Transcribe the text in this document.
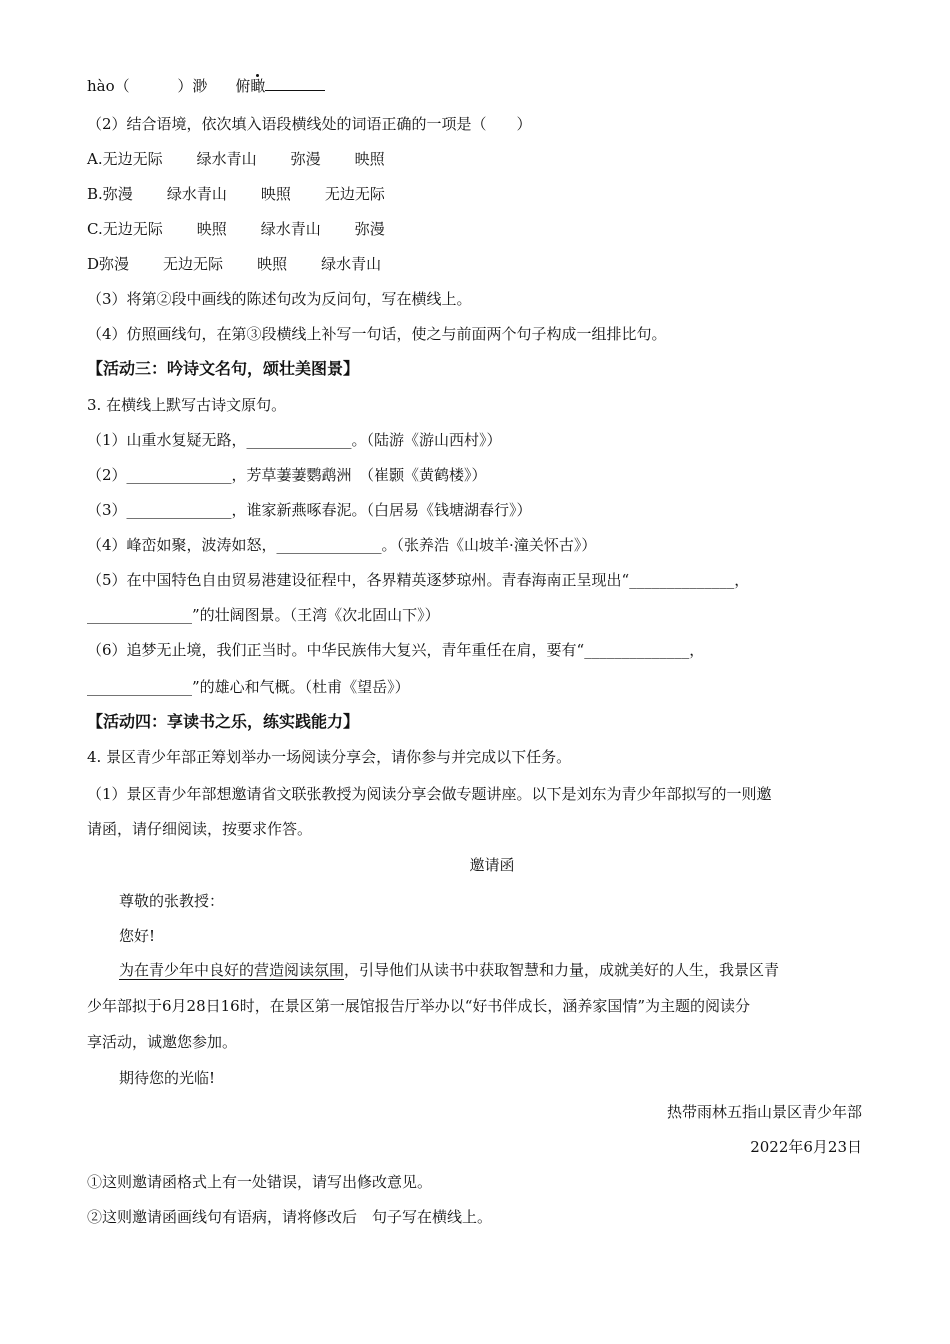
hào（	）渺 俯瞰

（2）结合语境，依次填入语段横线处的词语正确的一项是（　　）

A.无边无际 绿水青山 弥漫 映照

B.弥漫 绿水青山 映照 无边无际

C.无边无际 映照 绿水青山 弥漫

D弥漫 无边无际 映照 绿水青山

（3）将第②段中画线的陈述句改为反问句，写在横线上。

（4）仿照画线句，在第③段横线上补写一句话，使之与前面两个句子构成一组排比句。

【活动三：吟诗文名句，颂壮美图景】

3. 在横线上默写古诗文原句。

（1）山重水复疑无路，______________。（陆游《游山西村》）

（2）______________，芳草萋萋鹦鹉洲　（崔颢《黄鹤楼》）

（3）______________，谁家新燕啄春泥。（白居易《钱塘湖春行》）

（4）峰峦如聚，波涛如怒，______________。（张养浩《山坡羊·潼关怀古》）

（5）在中国特色自由贸易港建设征程中，各界精英逐梦琼州。青春海南正呈现出“______________，

______________”的壮阔图景。（王湾《次北固山下》）

（6）追梦无止境，我们正当时。中华民族伟大复兴，青年重任在肩，要有“______________，

______________”的雄心和气概。（杜甫《望岳》）

【活动四：享读书之乐，练实践能力】

4. 景区青少年部正筹划举办一场阅读分享会，请你参与并完成以下任务。

（1）景区青少年部想邀请省文联张教授为阅读分享会做专题讲座。以下是刘东为青少年部拟写的一则邀

请函，请仔细阅读，按要求作答。

邀请函

尊敬的张教授：

您好!

为在青少年中良好的营造阅读氛围，引导他们从读书中获取智慧和力量，成就美好的人生，我景区青

少年部拟于6月28日16时，在景区第一展馆报告厅举办以“好书伴成长，涵养家国情”为主题的阅读分

享活动，诚邀您参加。

期待您的光临!

热带雨林五指山景区青少年部

2022年6月23日

①这则邀请函格式上有一处错误，请写出修改意见。

②这则邀请函画线句有语病，请将修改后　句子写在横线上。
